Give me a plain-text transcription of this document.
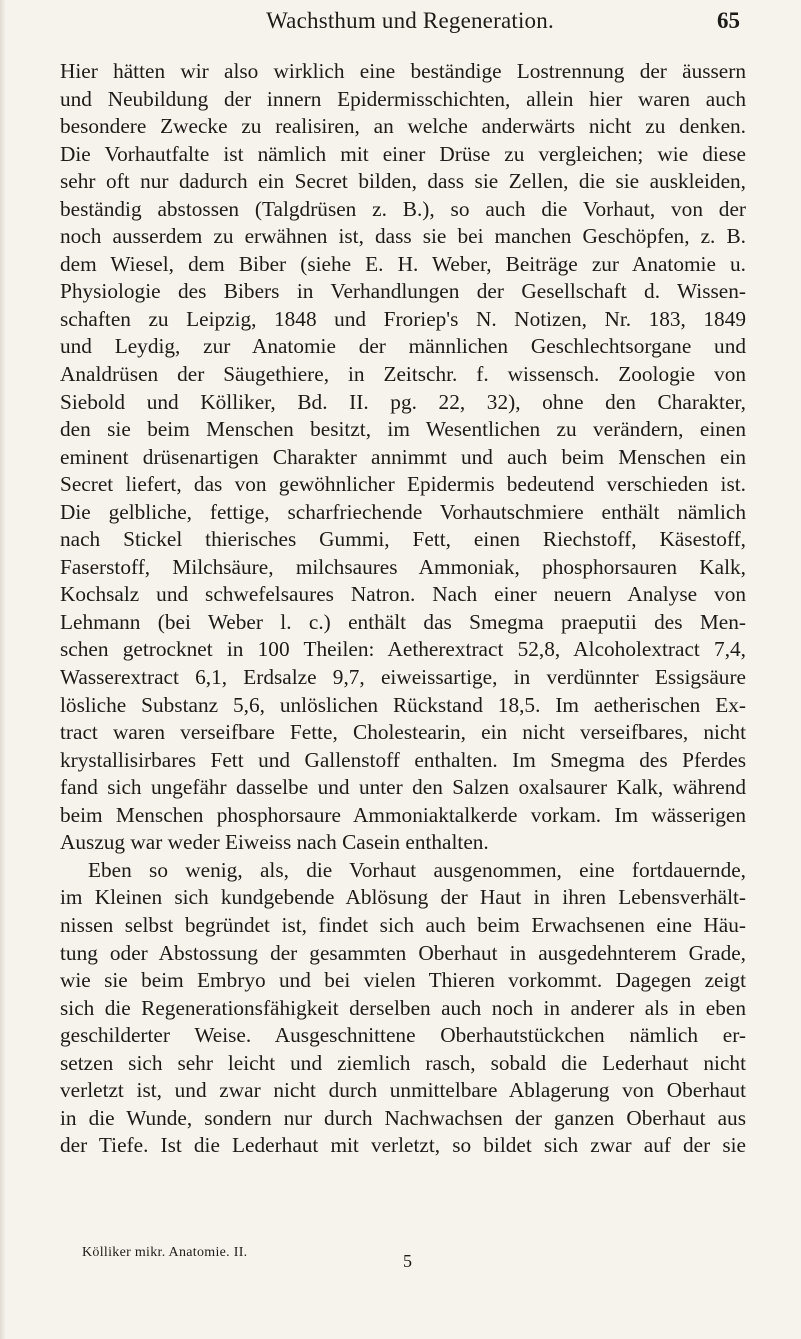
Wachsthum und Regeneration.	65

Hier hätten wir also wirklich eine beständige Lostrennung der äussern

und Neubildung der innern Epidermisschichten, allein hier waren auch

besondere Zwecke zu realisiren, an welche anderwärts nicht zu denken.

Die Vorhautfalte ist nämlich mit einer Drüse zu vergleichen; wie diese

sehr oft nur dadurch ein Secret bilden, dass sie Zellen, die sie auskleiden,

beständig abstossen (Talgdrüsen z. B.), so auch die Vorhaut, von der

noch ausserdem zu erwähnen ist, dass sie bei manchen Geschöpfen, z. B.

dem Wiesel, dem Biber (siehe E. H. Weber, Beiträge zur Anatomie u.

Physiologie des Bibers in Verhandlungen der Gesellschaft d. Wissen-

schaften zu Leipzig, 1848 und Froriep's N. Notizen, Nr. 183, 1849

und Leydig, zur Anatomie der männlichen Geschlechtsorgane und

Analdrüsen der Säugethiere, in Zeitschr. f. wissensch. Zoologie von

Siebold und Kölliker, Bd. II. pg. 22, 32), ohne den Charakter,

den sie beim Menschen besitzt, im Wesentlichen zu verändern, einen

eminent drüsenartigen Charakter annimmt und auch beim Menschen ein

Secret liefert, das von gewöhnlicher Epidermis bedeutend verschieden ist.

Die gelbliche, fettige, scharfriechende Vorhautschmiere enthält nämlich

nach Stickel thierisches Gummi, Fett, einen Riechstoff, Käsestoff,

Faserstoff, Milchsäure, milchsaures Ammoniak, phosphorsauren Kalk,

Kochsalz und schwefelsaures Natron. Nach einer neuern Analyse von

Lehmann (bei Weber l. c.) enthält das Smegma praeputii des Men-

schen getrocknet in 100 Theilen: Aetherextract 52,8, Alcoholextract 7,4,

Wasserextract 6,1, Erdsalze 9,7, eiweissartige, in verdünnter Essigsäure

lösliche Substanz 5,6, unlöslichen Rückstand 18,5. Im aetherischen Ex-

tract waren verseifbare Fette, Cholestearin, ein nicht verseifbares, nicht

krystallisirbares Fett und Gallenstoff enthalten. Im Smegma des Pferdes

fand sich ungefähr dasselbe und unter den Salzen oxalsaurer Kalk, während

beim Menschen phosphorsaure Ammoniaktalkerde vorkam. Im wässerigen

Auszug war weder Eiweiss nach Casein enthalten.

Eben so wenig, als, die Vorhaut ausgenommen, eine fortdauernde,

im Kleinen sich kundgebende Ablösung der Haut in ihren Lebensverhält-

nissen selbst begründet ist, findet sich auch beim Erwachsenen eine Häu-

tung oder Abstossung der gesammten Oberhaut in ausgedehnterem Grade,

wie sie beim Embryo und bei vielen Thieren vorkommt. Dagegen zeigt

sich die Regenerationsfähigkeit derselben auch noch in anderer als in eben

geschilderter Weise. Ausgeschnittene Oberhautstückchen nämlich er-

setzen sich sehr leicht und ziemlich rasch, sobald die Lederhaut nicht

verletzt ist, und zwar nicht durch unmittelbare Ablagerung von Oberhaut

in die Wunde, sondern nur durch Nachwachsen der ganzen Oberhaut aus

der Tiefe. Ist die Lederhaut mit verletzt, so bildet sich zwar auf der sie

Kölliker mikr. Anatomie. II.	5
